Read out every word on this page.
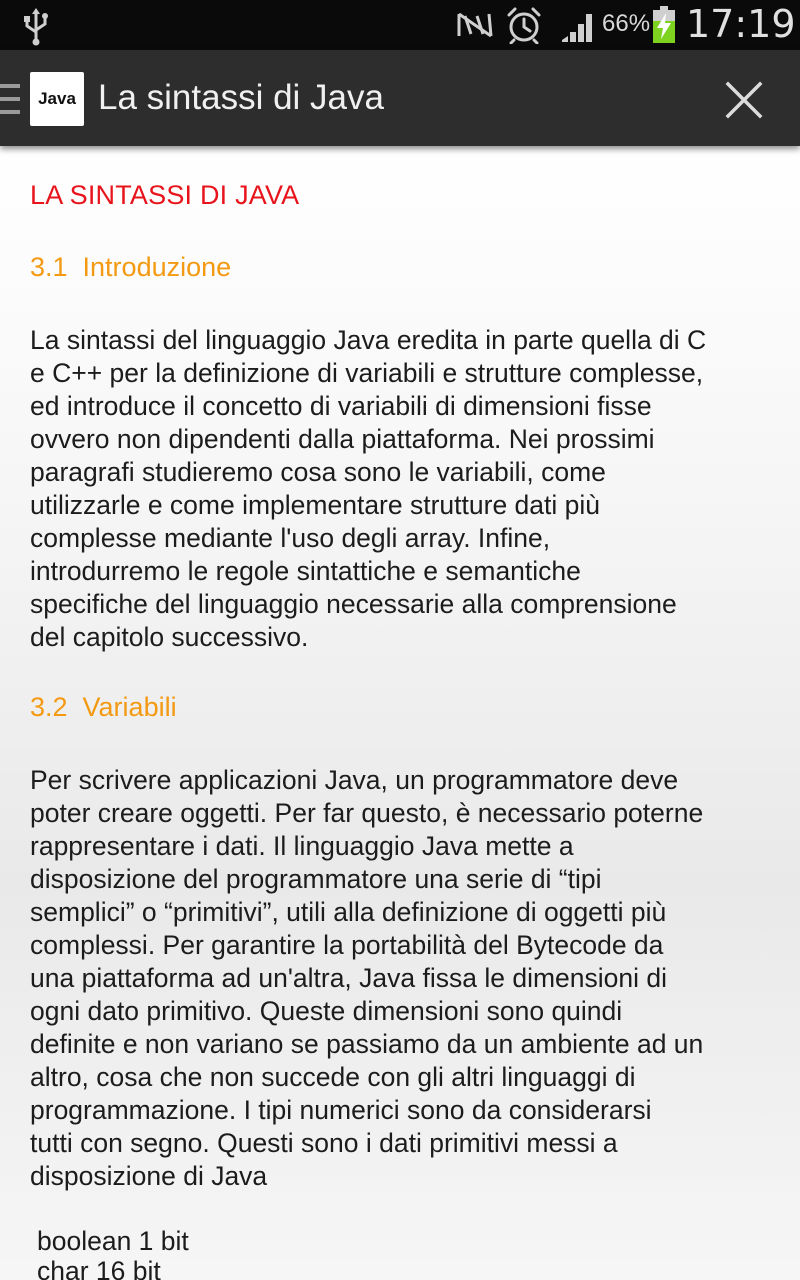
66% 17:19
Java La sintassi di Java
LA SINTASSI DI JAVA
3.1  Introduzione
La sintassi del linguaggio Java eredita in parte quella di C
e C++ per la definizione di variabili e strutture complesse,
ed introduce il concetto di variabili di dimensioni fisse
ovvero non dipendenti dalla piattaforma. Nei prossimi
paragrafi studieremo cosa sono le variabili, come
utilizzarle e come implementare strutture dati più
complesse mediante l'uso degli array. Infine,
introdurremo le regole sintattiche e semantiche
specifiche del linguaggio necessarie alla comprensione
del capitolo successivo.
3.2  Variabili
Per scrivere applicazioni Java, un programmatore deve
poter creare oggetti. Per far questo, è necessario poterne
rappresentare i dati. Il linguaggio Java mette a
disposizione del programmatore una serie di “tipi
semplici” o “primitivi”, utili alla definizione di oggetti più
complessi. Per garantire la portabilità del Bytecode da
una piattaforma ad un'altra, Java fissa le dimensioni di
ogni dato primitivo. Queste dimensioni sono quindi
definite e non variano se passiamo da un ambiente ad un
altro, cosa che non succede con gli altri linguaggi di
programmazione. I tipi numerici sono da considerarsi
tutti con segno. Questi sono i dati primitivi messi a
disposizione di Java
boolean 1 bit
char 16 bit
